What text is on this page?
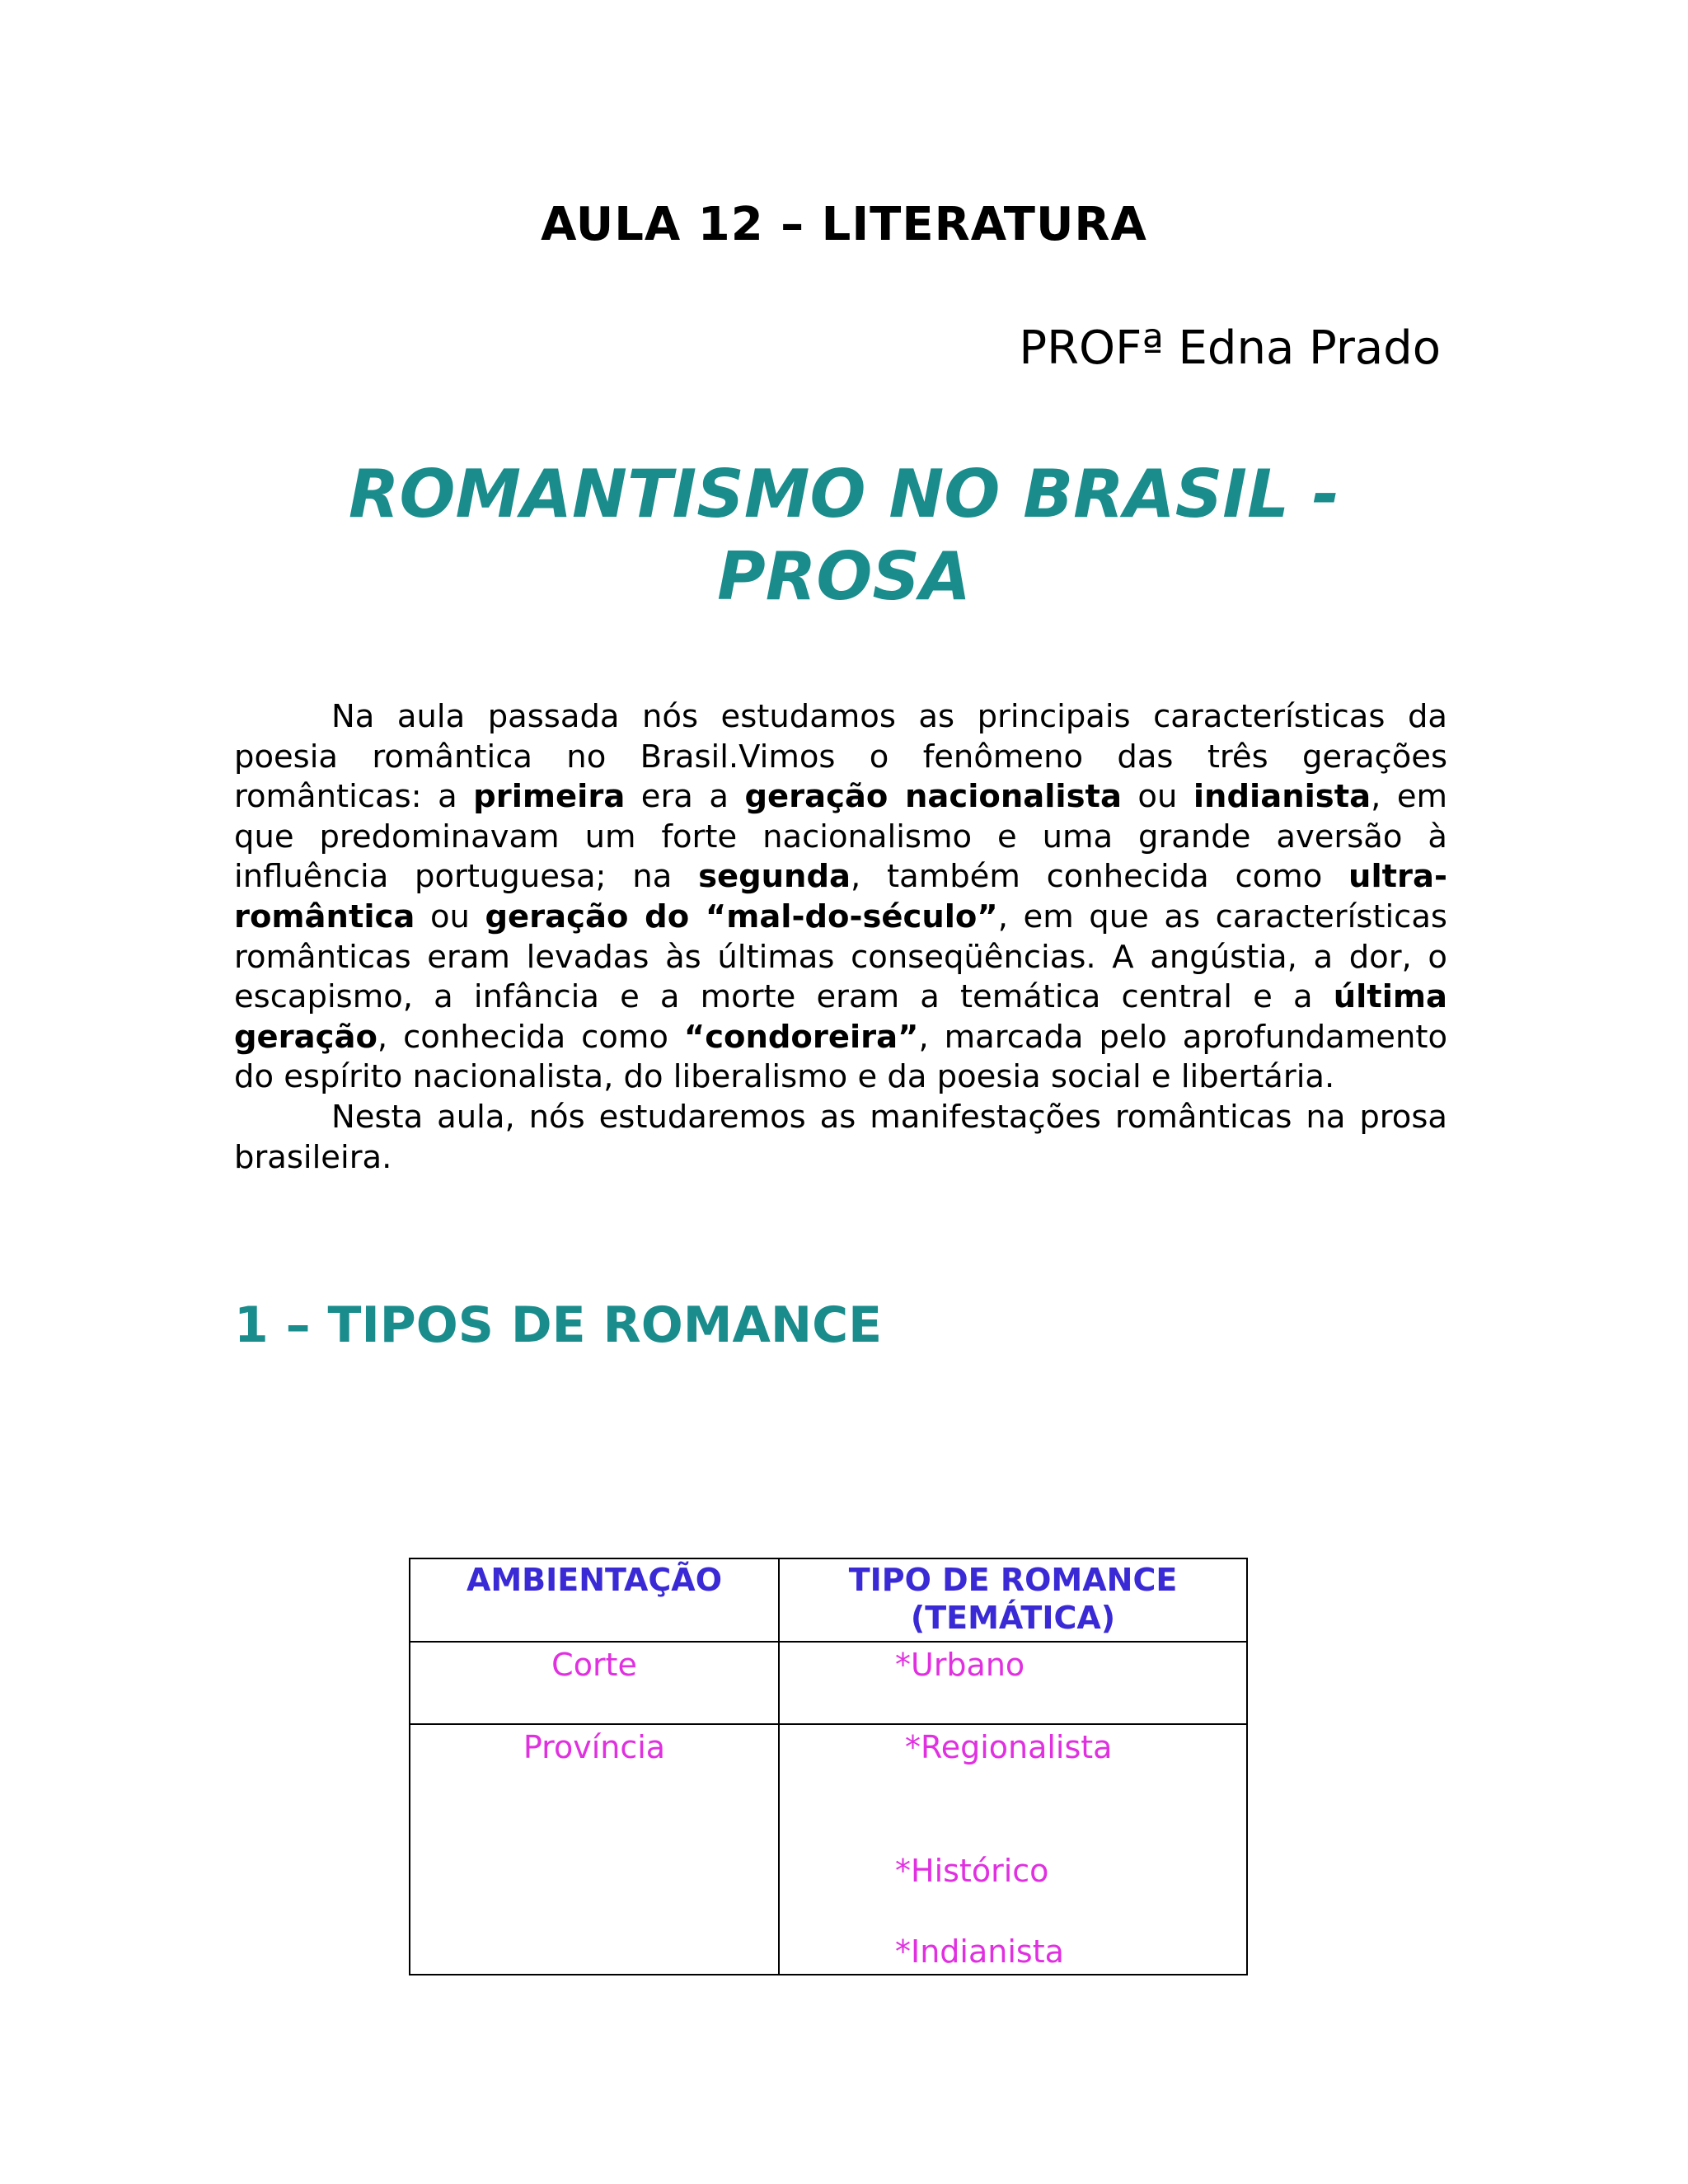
AULA 12 – LITERATURA
PROFª Edna Prado
ROMANTISMO NO BRASIL -
PROSA

Na aula passada nós estudamos as principais características da poesia romântica no Brasil.Vimos o fenômeno das três gerações românticas: a primeira era a geração nacionalista ou indianista, em que predominavam um forte nacionalismo e uma grande aversão à influência portuguesa; na segunda, também conhecida como ultra-romântica ou geração do “mal-do-século”, em que as características românticas eram levadas às últimas conseqüências. A angústia, a dor, o escapismo, a infância e a morte eram a temática central e a última geração, conhecida como “condoreira”, marcada pelo aprofundamento do espírito nacionalista, do liberalismo e da poesia social e libertária.

Nesta aula, nós estudaremos as manifestações românticas na prosa brasileira.

1 – TIPOS DE ROMANCE
AMBIENTAÇÃO	TIPO DE ROMANCE (TEMÁTICA)
Corte	*Urbano

Província	*Regionalista
*Histórico
*Indianista
